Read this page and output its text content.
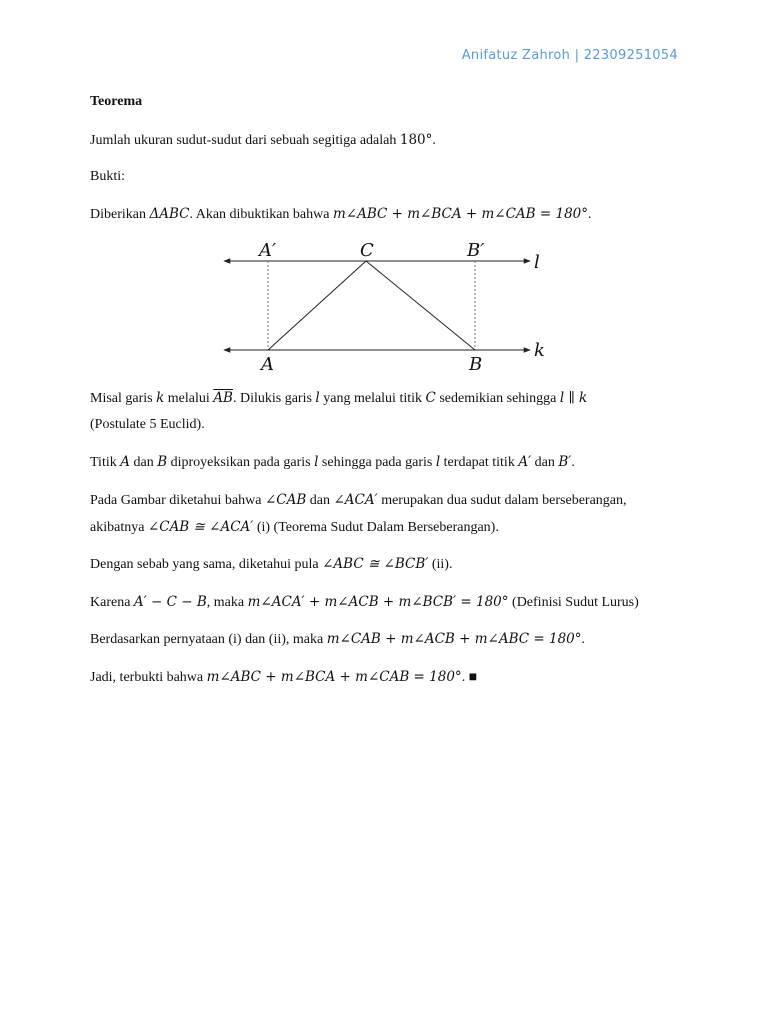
Anifatuz Zahroh | 22309251054
Teorema
Jumlah ukuran sudut-sudut dari sebuah segitiga adalah 180°.
Bukti:
Diberikan ΔABC. Akan dibuktikan bahwa m∠ABC + m∠BCA + m∠CAB = 180°.
A′	C	B′
l
A	B
k
Misal garis k melalui $\overline{AB}$. Dilukis garis l yang melalui titik C sedemikian sehingga l ∥ k
(Postulate 5 Euclid).
Titik A dan B diproyeksikan pada garis l sehingga pada garis l terdapat titik A′ dan B′.
Pada Gambar diketahui bahwa ∠CAB dan ∠ACA′ merupakan dua sudut dalam berseberangan,
akibatnya ∠CAB ≅ ∠ACA′ (i) (Teorema Sudut Dalam Berseberangan).
Dengan sebab yang sama, diketahui pula ∠ABC ≅ ∠BCB′ (ii).
Karena A′ − C − B, maka m∠ACA′ + m∠ACB + m∠BCB′ = 180° (Definisi Sudut Lurus)
Berdasarkan pernyataan (i) dan (ii), maka m∠CAB + m∠ACB + m∠ABC = 180°.
Jadi, terbukti bahwa m∠ABC + m∠BCA + m∠CAB = 180°. ■
